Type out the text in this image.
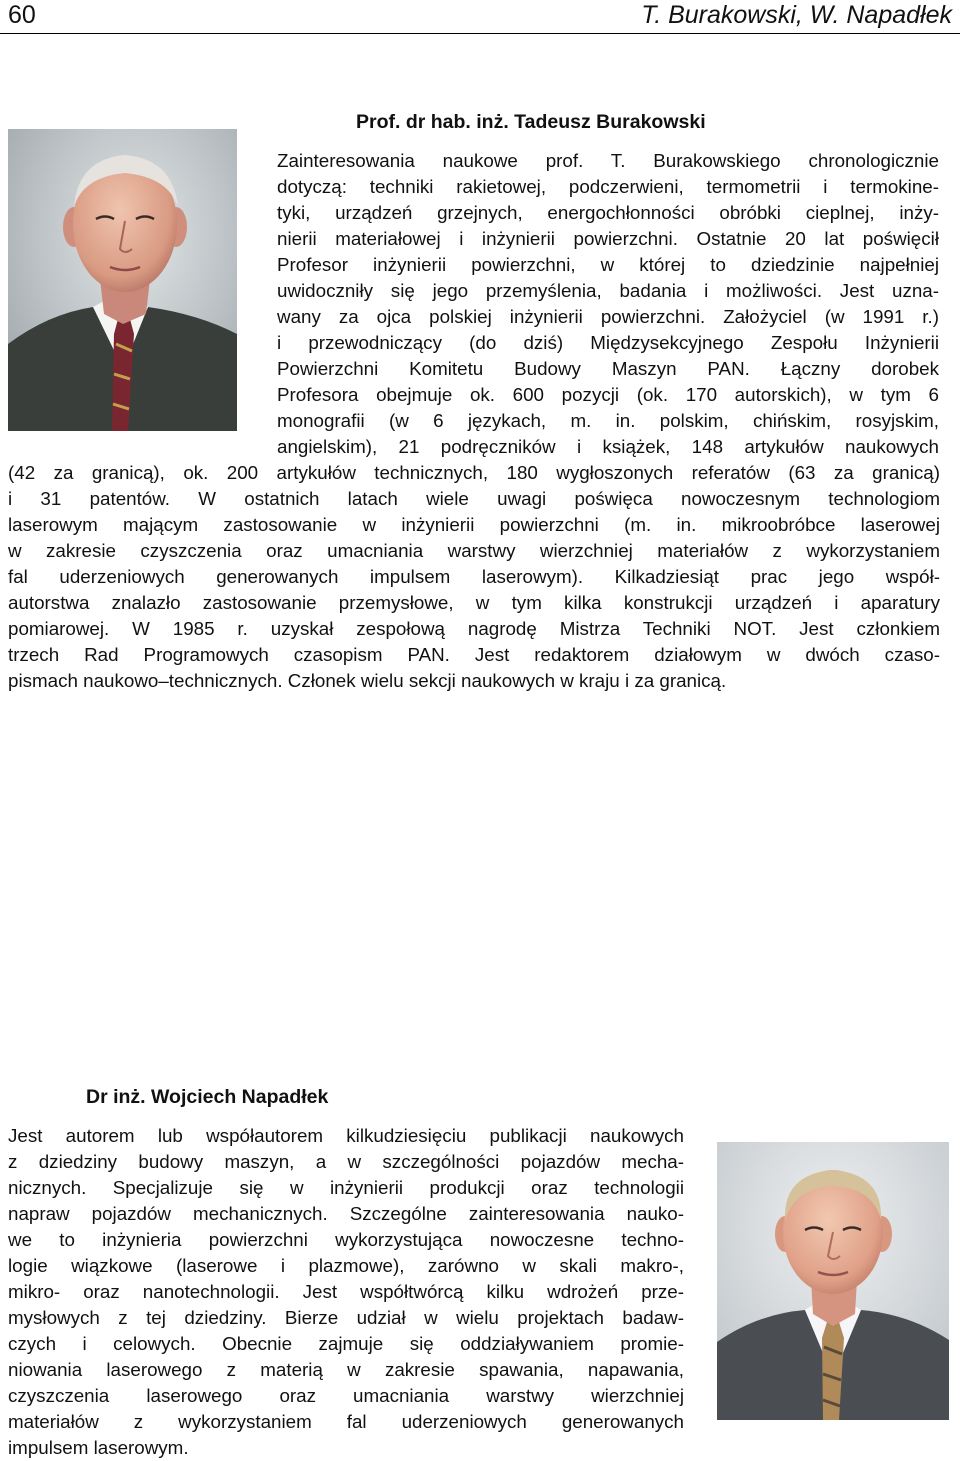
60	T. Burakowski, W. Napadłek
Prof. dr hab. inż. Tadeusz Burakowski
Zainteresowania naukowe prof. T. Burakowskiego chronologicznie
dotyczą: techniki rakietowej, podczerwieni, termometrii i termokine-
tyki, urządzeń grzejnych, energochłonności obróbki cieplnej, inży-
nierii materiałowej i inżynierii powierzchni. Ostatnie 20 lat poświęcił
Profesor inżynierii powierzchni, w której to dziedzinie najpełniej
uwidoczniły się jego przemyślenia, badania i możliwości. Jest uzna-
wany za ojca polskiej inżynierii powierzchni. Założyciel (w 1991 r.)
i przewodniczący (do dziś) Międzysekcyjnego Zespołu Inżynierii
Powierzchni Komitetu Budowy Maszyn PAN. Łączny dorobek
Profesora obejmuje ok. 600 pozycji (ok. 170 autorskich), w tym 6
monografii (w 6 językach, m. in. polskim, chińskim, rosyjskim,
angielskim), 21 podręczników i książek, 148 artykułów naukowych
(42 za granicą), ok. 200 artykułów technicznych, 180 wygłoszonych referatów (63 za granicą)
i 31 patentów. W ostatnich latach wiele uwagi poświęca nowoczesnym technologiom
laserowym mającym zastosowanie w inżynierii powierzchni (m. in. mikroobróbce laserowej
w zakresie czyszczenia oraz umacniania warstwy wierzchniej materiałów z wykorzystaniem
fal uderzeniowych generowanych impulsem laserowym). Kilkadziesiąt prac jego współ-
autorstwa znalazło zastosowanie przemysłowe, w tym kilka konstrukcji urządzeń i aparatury
pomiarowej. W 1985 r. uzyskał zespołową nagrodę Mistrza Techniki NOT. Jest członkiem
trzech Rad Programowych czasopism PAN. Jest redaktorem działowym w dwóch czaso-
pismach naukowo–technicznych. Członek wielu sekcji naukowych w kraju i za granicą.
Dr inż. Wojciech Napadłek
Jest autorem lub współautorem kilkudziesięciu publikacji naukowych
z dziedziny budowy maszyn, a w szczególności pojazdów mecha-
nicznych. Specjalizuje się w inżynierii produkcji oraz technologii
napraw pojazdów mechanicznych. Szczególne zainteresowania nauko-
we to inżynieria powierzchni wykorzystująca nowoczesne techno-
logie wiązkowe (laserowe i plazmowe), zarówno w skali makro-,
mikro- oraz nanotechnologii. Jest współtwórcą kilku wdrożeń prze-
mysłowych z tej dziedziny. Bierze udział w wielu projektach badaw-
czych i celowych. Obecnie zajmuje się oddziaływaniem promie-
niowania laserowego z materią w zakresie spawania, napawania,
czyszczenia laserowego oraz umacniania warstwy wierzchniej
materiałów z wykorzystaniem fal uderzeniowych generowanych
impulsem laserowym.
